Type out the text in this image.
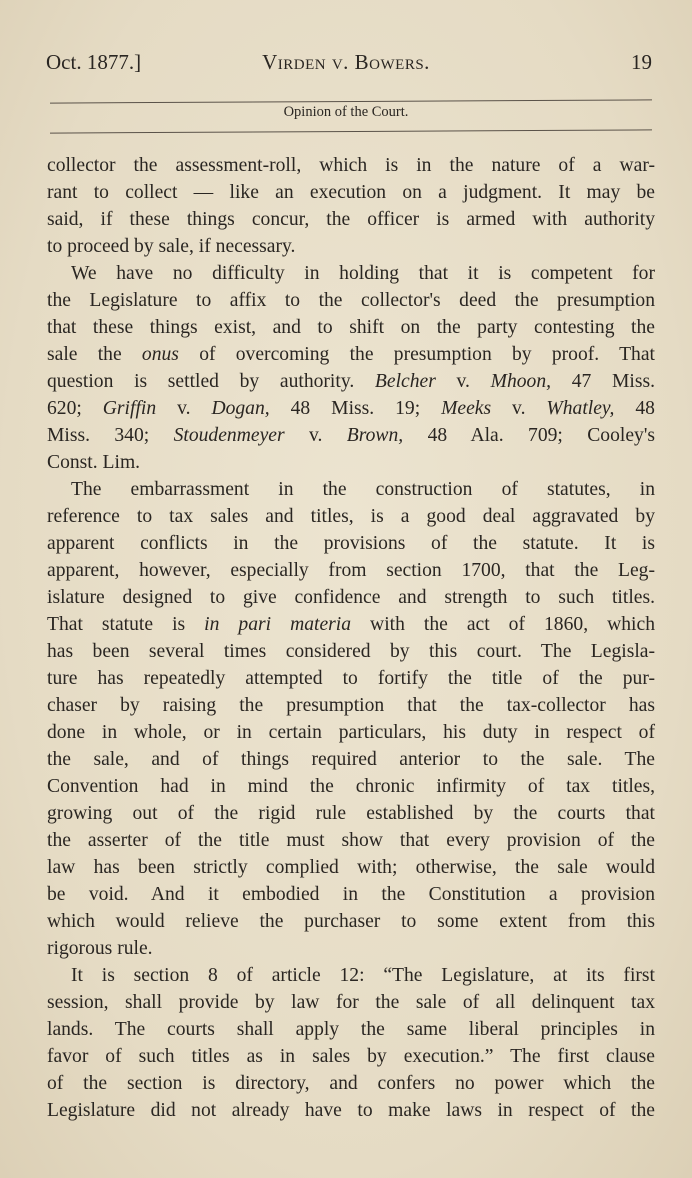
Oct. 1877.]	Virden v. Bowers.	19
Opinion of the Court.
collector the assessment-roll, which is in the nature of a war-
rant to collect — like an execution on a judgment. It may be
said, if these things concur, the officer is armed with authority
to proceed by sale, if necessary.
We have no difficulty in holding that it is competent for
the Legislature to affix to the collector's deed the presumption
that these things exist, and to shift on the party contesting the
sale the onus of overcoming the presumption by proof. That
question is settled by authority. Belcher v. Mhoon, 47 Miss.
620; Griffin v. Dogan, 48 Miss. 19; Meeks v. Whatley, 48
Miss. 340; Stoudenmeyer v. Brown, 48 Ala. 709; Cooley's
Const. Lim.
The embarrassment in the construction of statutes, in
reference to tax sales and titles, is a good deal aggravated by
apparent conflicts in the provisions of the statute. It is
apparent, however, especially from section 1700, that the Leg-
islature designed to give confidence and strength to such titles.
That statute is in pari materia with the act of 1860, which
has been several times considered by this court. The Legisla-
ture has repeatedly attempted to fortify the title of the pur-
chaser by raising the presumption that the tax-collector has
done in whole, or in certain particulars, his duty in respect of
the sale, and of things required anterior to the sale. The
Convention had in mind the chronic infirmity of tax titles,
growing out of the rigid rule established by the courts that
the asserter of the title must show that every provision of the
law has been strictly complied with; otherwise, the sale would
be void. And it embodied in the Constitution a provision
which would relieve the purchaser to some extent from this
rigorous rule.
It is section 8 of article 12: “The Legislature, at its first
session, shall provide by law for the sale of all delinquent tax
lands. The courts shall apply the same liberal principles in
favor of such titles as in sales by execution.” The first clause
of the section is directory, and confers no power which the
Legislature did not already have to make laws in respect of the
